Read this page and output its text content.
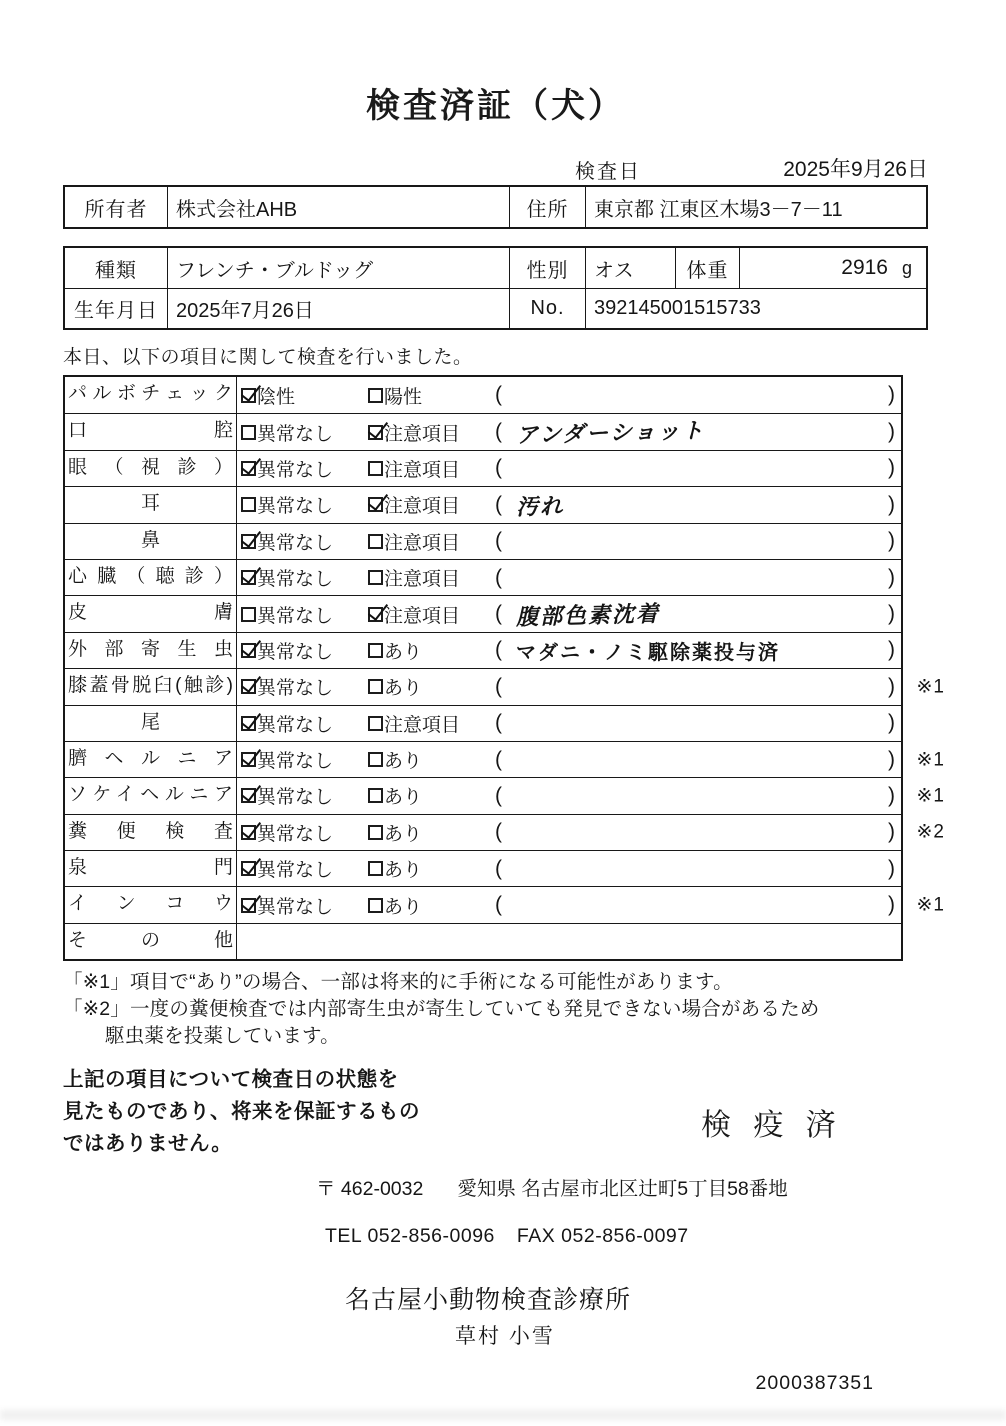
検査済証（犬）
検査日	2025年9月26日
所有者	株式会社AHB	住所	東京都 江東区木場3－7－11
種類	フレンチ・ブルドッグ	性別	オス	体重	2916 g
生年月日 2025年7月26日	No.	392145001515733
本日、以下の項目に関して検査を行いました。
パルボチェック 陰性	陽性	(	)
口腔 異常なし	注意項目 ( アンダーショット	)
眼（視診） 異常なし	注意項目 (	)
耳	異常なし	注意項目 ( 汚れ	)
鼻	異常なし	注意項目 (	)
心臓（聴診） 異常なし	注意項目 (	)
皮膚 異常なし	注意項目 ( 腹部色素沈着	)
外部寄生虫 異常なし	あり	( マダニ・ノミ駆除薬投与済	)
膝蓋骨脱臼(触診) 異常なし	あり	(	) ※1
尾	異常なし	注意項目 (	)
臍ヘルニア 異常なし	あり	(	) ※1
ソケイヘルニア 異常なし	あり	(	) ※1
糞便検査 異常なし	あり	(	) ※2
泉門 異常なし	あり	(	)
インコウ 異常なし	あり	(	) ※1
その他
「※1」項目で“あり”の場合、一部は将来的に手術になる可能性があります。
「※2」一度の糞便検査では内部寄生虫が寄生していても発見できない場合があるため
駆虫薬を投薬しています。
上記の項目について検査日の状態を
見たものであり、将来を保証するもの
ではありません。
検 疫 済
〒 462-0032 愛知県 名古屋市北区辻町5丁目58番地
TEL 052-856-0096 FAX 052-856-0097
名古屋小動物検査診療所
草村 小雪
2000387351
